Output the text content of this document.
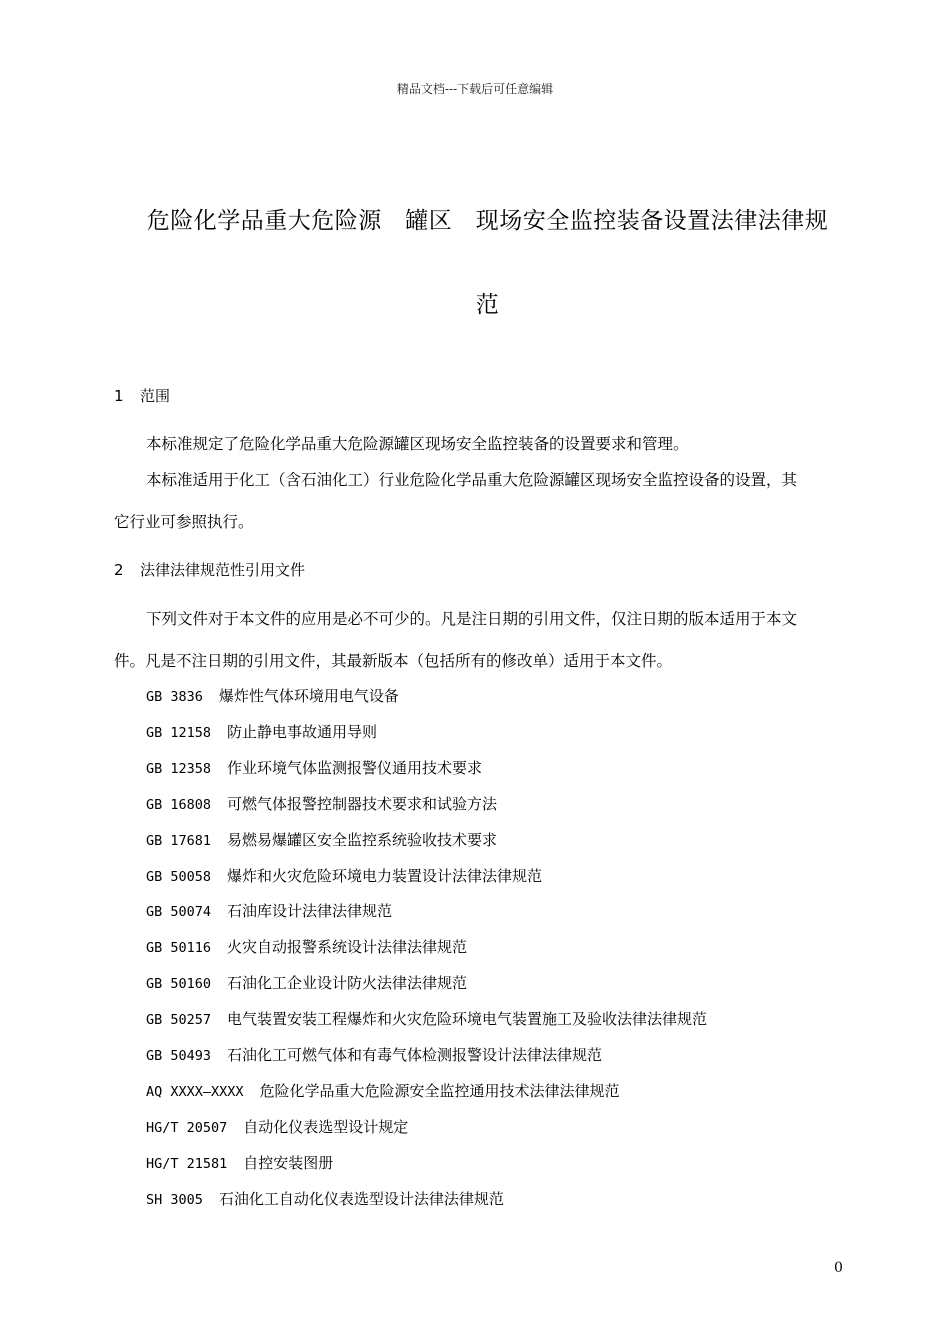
精品文档---下载后可任意编辑
危险化学品重大危险源　罐区　现场安全监控装备设置法律法律规
范
1 范围
本标准规定了危险化学品重大危险源罐区现场安全监控装备的设置要求和管理。
本标准适用于化工（含石油化工）行业危险化学品重大危险源罐区现场安全监控设备的设置，其
它行业可参照执行。
2 法律法律规范性引用文件
下列文件对于本文件的应用是必不可少的。凡是注日期的引用文件，仅注日期的版本适用于本文
件。凡是不注日期的引用文件，其最新版本（包括所有的修改单）适用于本文件。
GB 3836 爆炸性气体环境用电气设备
GB 12158 防止静电事故通用导则
GB 12358 作业环境气体监测报警仪通用技术要求
GB 16808 可燃气体报警控制器技术要求和试验方法
GB 17681 易燃易爆罐区安全监控系统验收技术要求
GB 50058 爆炸和火灾危险环境电力装置设计法律法律规范
GB 50074 石油库设计法律法律规范
GB 50116 火灾自动报警系统设计法律法律规范
GB 50160 石油化工企业设计防火法律法律规范
GB 50257 电气装置安装工程爆炸和火灾危险环境电气装置施工及验收法律法律规范
GB 50493 石油化工可燃气体和有毒气体检测报警设计法律法律规范
AQ XXXX—XXXX 危险化学品重大危险源安全监控通用技术法律法律规范
HG/T 20507 自动化仪表选型设计规定
HG/T 21581 自控安装图册
SH 3005 石油化工自动化仪表选型设计法律法律规范
0
